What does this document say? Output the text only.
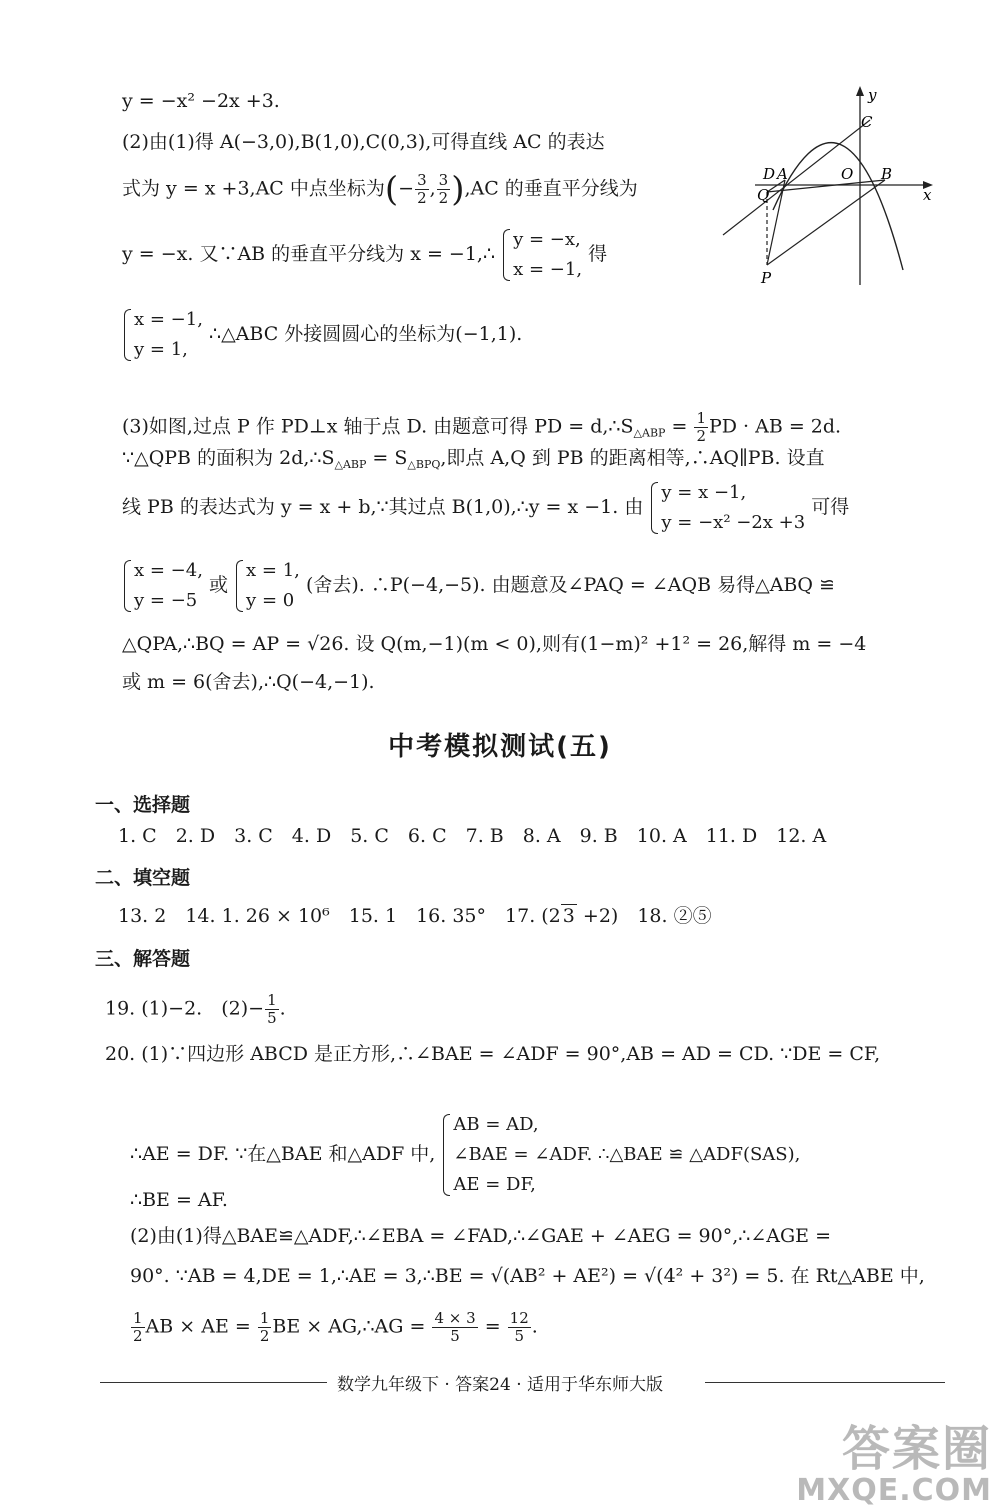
y
x
C
D A	O B
Q
P
y = −x² −2x +3.
(2)由(1)得 A(−3,0),B(1,0),C(0,3),可得直线 AC 的表达
式为 y = x +3,AC 中点坐标为(− $\frac{3}{2}$ , $\frac{3}{2} ),AC$ 的垂直平分线为
y = −x. 又∵AB 的垂直平分线为 x = −1,∴
y = −x,
x = −1,
得
x = −1,
y = 1,
∴△ABC 外接圆圆心的坐标为(−1,1).
(3)如图,过点 P 作 PD⊥x 轴于点 D. 由题意可得 PD = $d,\therefore S_{\triangle ABP} = \frac{1}{2}$ PD · AB = 2d.
∵△QPB 的面积为 $2d,\therefore S_{\triangle ABP} = S_{\triangle BPQ}$,即点 A,Q 到 PB 的距离相等,∴AQ∥PB. 设直
线 PB 的表达式为 y = x + b,∵其过点 B(1,0),∴y = x −1. 由
y = x −1,
y = −x² −2x +3
可得
x = −4,
y = −5
或
x = 1,
y = 0
(舍去). ∴P(−4,−5). 由题意及∠PAQ = ∠AQB 易得△ABQ ≌
△QPA,∴BQ = AP = √26. 设 Q(m,−1)(m < 0),则有(1−m)² +1² = 26,解得 m = −4
或 m = 6(舍去),∴Q(−4,−1).
中考模拟测试(五)
一、选择题
1. C　2. D　3. C　4. D　5. C　6. C　7. B　8. A　9. B　10. A　11. D　12. A
二、填空题
13. 2　14. 1. 26 × 10⁶　15. 1　16. 35°　17. (2 3 +2)　18. ②⑤
三、解答题
19. (1)−2.　$(2)- \frac{1}{5}$ .
20. (1)∵四边形 ABCD 是正方形,∴∠BAE = ∠ADF = 90°,AB = AD = CD. ∵DE = CF,
∴AE = DF. ∵在△BAE 和△ADF 中,
AB = AD,
∠BAE = ∠ADF. ∴△BAE ≌ △ADF(SAS),
AE = DF,
∴BE = AF.
(2)由(1)得△BAE≌△ADF,∴∠EBA = ∠FAD,∴∠GAE + ∠AEG = 90°,∴∠AGE =
90°. ∵AB = 4,DE = 1,∴AE = 3,∴BE = √(AB² + AE²) = √(4² + 3²) = 5. 在 Rt△ABE 中,
$\frac{1}{2}$ AB × AE = $\frac{1}{2}$ BE × AG,∴AG = $\frac{4 \times 3}{5} = \frac{12}{5}$ .
数学九年级下 · 答案24 · 适用于华东师大版
答案圈
MXQE.COM
